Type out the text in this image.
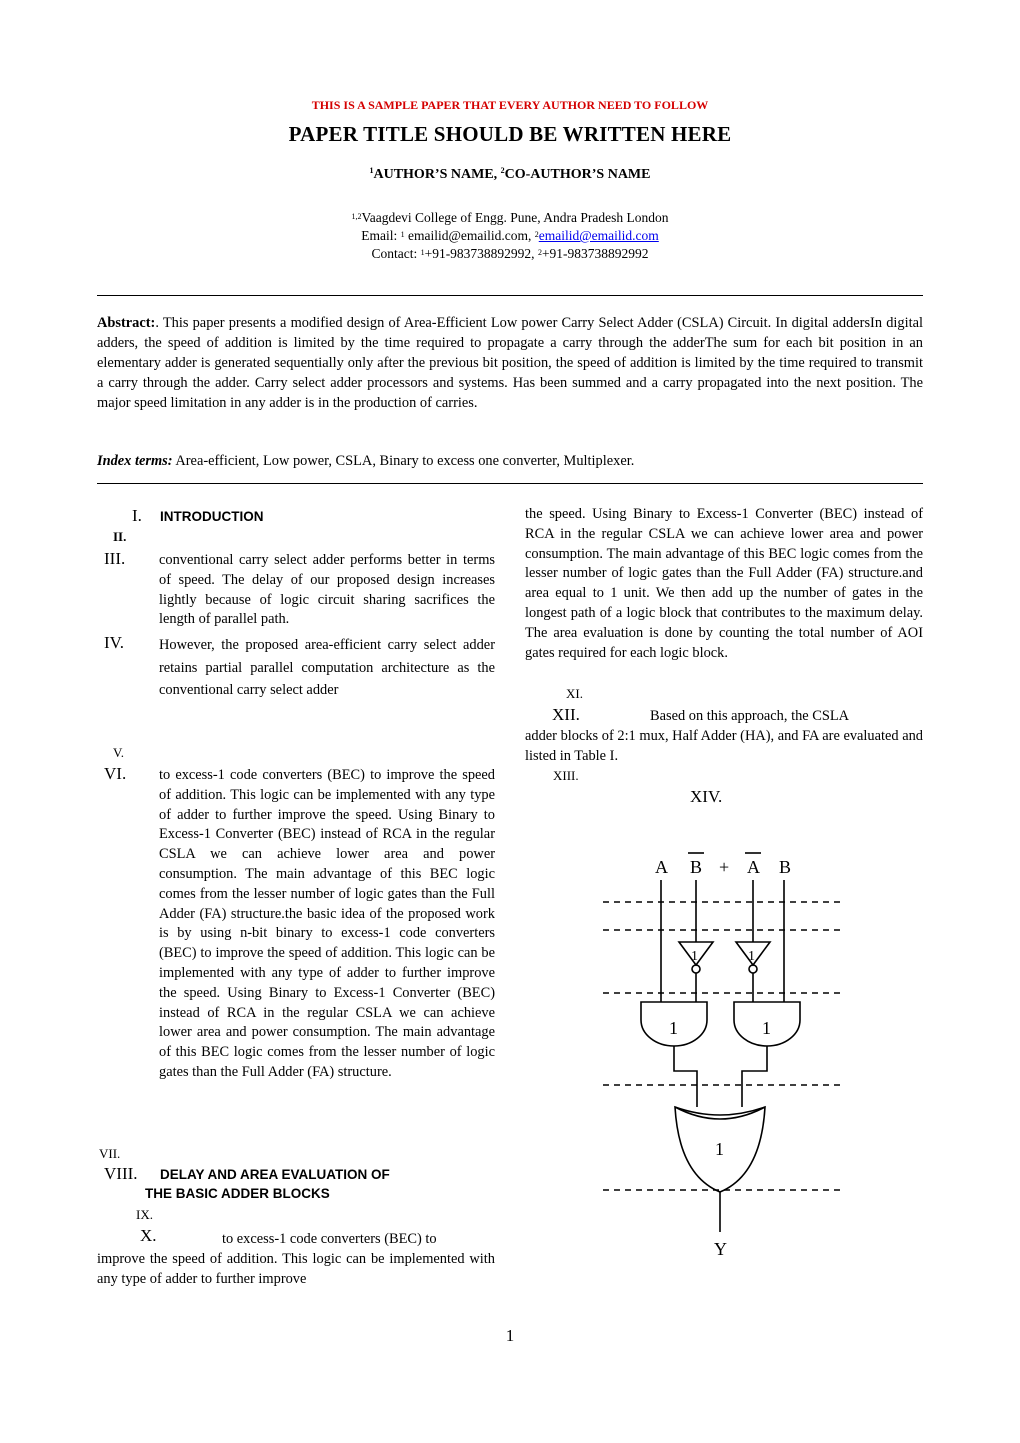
THIS IS A SAMPLE PAPER THAT EVERY AUTHOR NEED TO FOLLOW
PAPER TITLE SHOULD BE WRITTEN HERE
$^1$AUTHOR’S NAME, $^2$CO-AUTHOR’S NAME
$^{1,2}$Vaagdevi College of Engg. Pune, Andra Pradesh London
Email: $^1$ emailid@emailid.com, $^2$emailid@emailid.com
Contact: $^1$+91-983738892992, $^2$+91-983738892992
Abstract:. This paper presents a modified design of Area-Efficient Low power Carry Select Adder (CSLA) Circuit. In digital addersIn digital adders, the speed of addition is limited by the time required to propagate a carry through the adderThe sum for each bit position in an elementary adder is generated sequentially only after the previous bit position, the speed of addition is limited by the time required to transmit a carry through the adder. Carry select adder processors and systems. Has been summed and a carry propagated into the next position. The major speed limitation in any adder is in the production of carries.
Index terms: Area-efficient, Low power, CSLA, Binary to excess one converter, Multiplexer.
I. INTRODUCTION
II.
III. conventional carry select adder performs better in terms of speed. The delay of our proposed design increases lightly because of logic circuit sharing sacrifices the length of parallel path.
IV. However, the proposed area-efficient carry select adder retains partial parallel computation architecture as the conventional carry select adder
V.
VI. to excess-1 code converters (BEC) to improve the speed of addition. This logic can be implemented with any type of adder to further improve the speed. Using Binary to Excess-1 Converter (BEC) instead of RCA in the regular CSLA we can achieve lower area and power consumption. The main advantage of this BEC logic comes from the lesser number of logic gates than the Full Adder (FA) structure.the basic idea of the proposed work is by using n-bit binary to excess-1 code converters (BEC) to improve the speed of addition. This logic can be implemented with any type of adder to further improve the speed. Using Binary to Excess-1 Converter (BEC) instead of RCA in the regular CSLA we can achieve lower area and power consumption. The main advantage of this BEC logic comes from the lesser number of logic gates than the Full Adder (FA) structure.
VII.
VIII. DELAY AND AREA EVALUATION OF
THE BASIC ADDER BLOCKS
IX.
X.	to excess-1 code converters (BEC) to
improve the speed of addition. This logic can be implemented with any type of adder to further improve
the speed. Using Binary to Excess-1 Converter (BEC) instead of RCA in the regular CSLA we can achieve lower area and power consumption. The main advantage of this BEC logic comes from the lesser number of logic gates than the Full Adder (FA) structure.and area equal to 1 unit. We then add up the number of gates in the longest path of a logic block that contributes to the maximum delay. The area evaluation is done by counting the total number of AOI gates required for each logic block.
XI.
XII.	Based on this approach, the CSLA
adder blocks of 2:1 mux, Half Adder (HA), and FA are evaluated and listed in Table I.
XIII.
XIV.
A B + A B
1	1
1	1
1
Y
1
